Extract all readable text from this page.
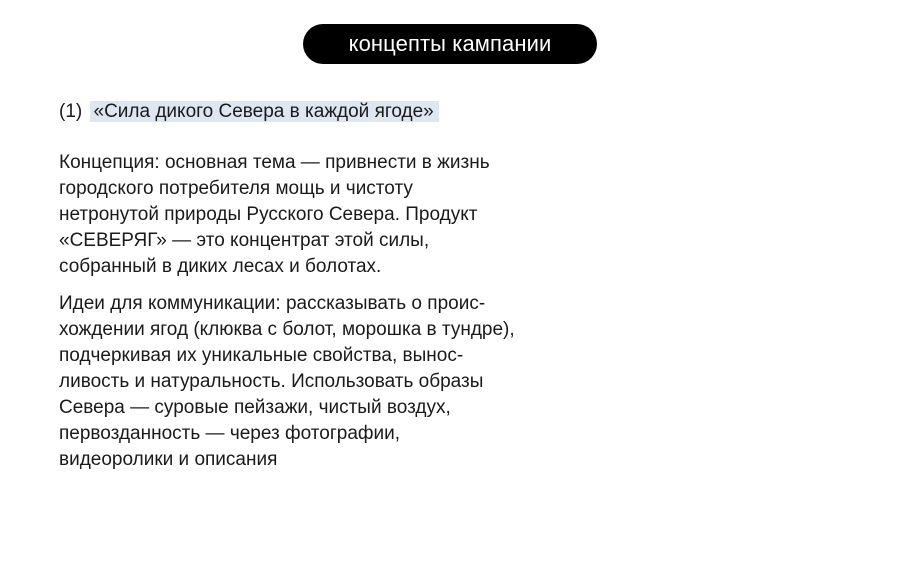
концепты кампании
(1) «Сила дикого Севера в каждой ягоде»

Концепция: основная тема — привнести в жизнь
городского потребителя мощь и чистоту
нетронутой природы Русского Севера. Продукт
«СЕВЕРЯГ» — это концентрат этой силы,
собранный в диких лесах и болотах.

Идеи для коммуникации: рассказывать о проис-
хождении ягод (клюква с болот, морошка в тундре),
подчеркивая их уникальные свойства, вынос-
ливость и натуральность. Использовать образы
Севера — суровые пейзажи, чистый воздух,
первозданность — через фотографии,
видеоролики и описания
